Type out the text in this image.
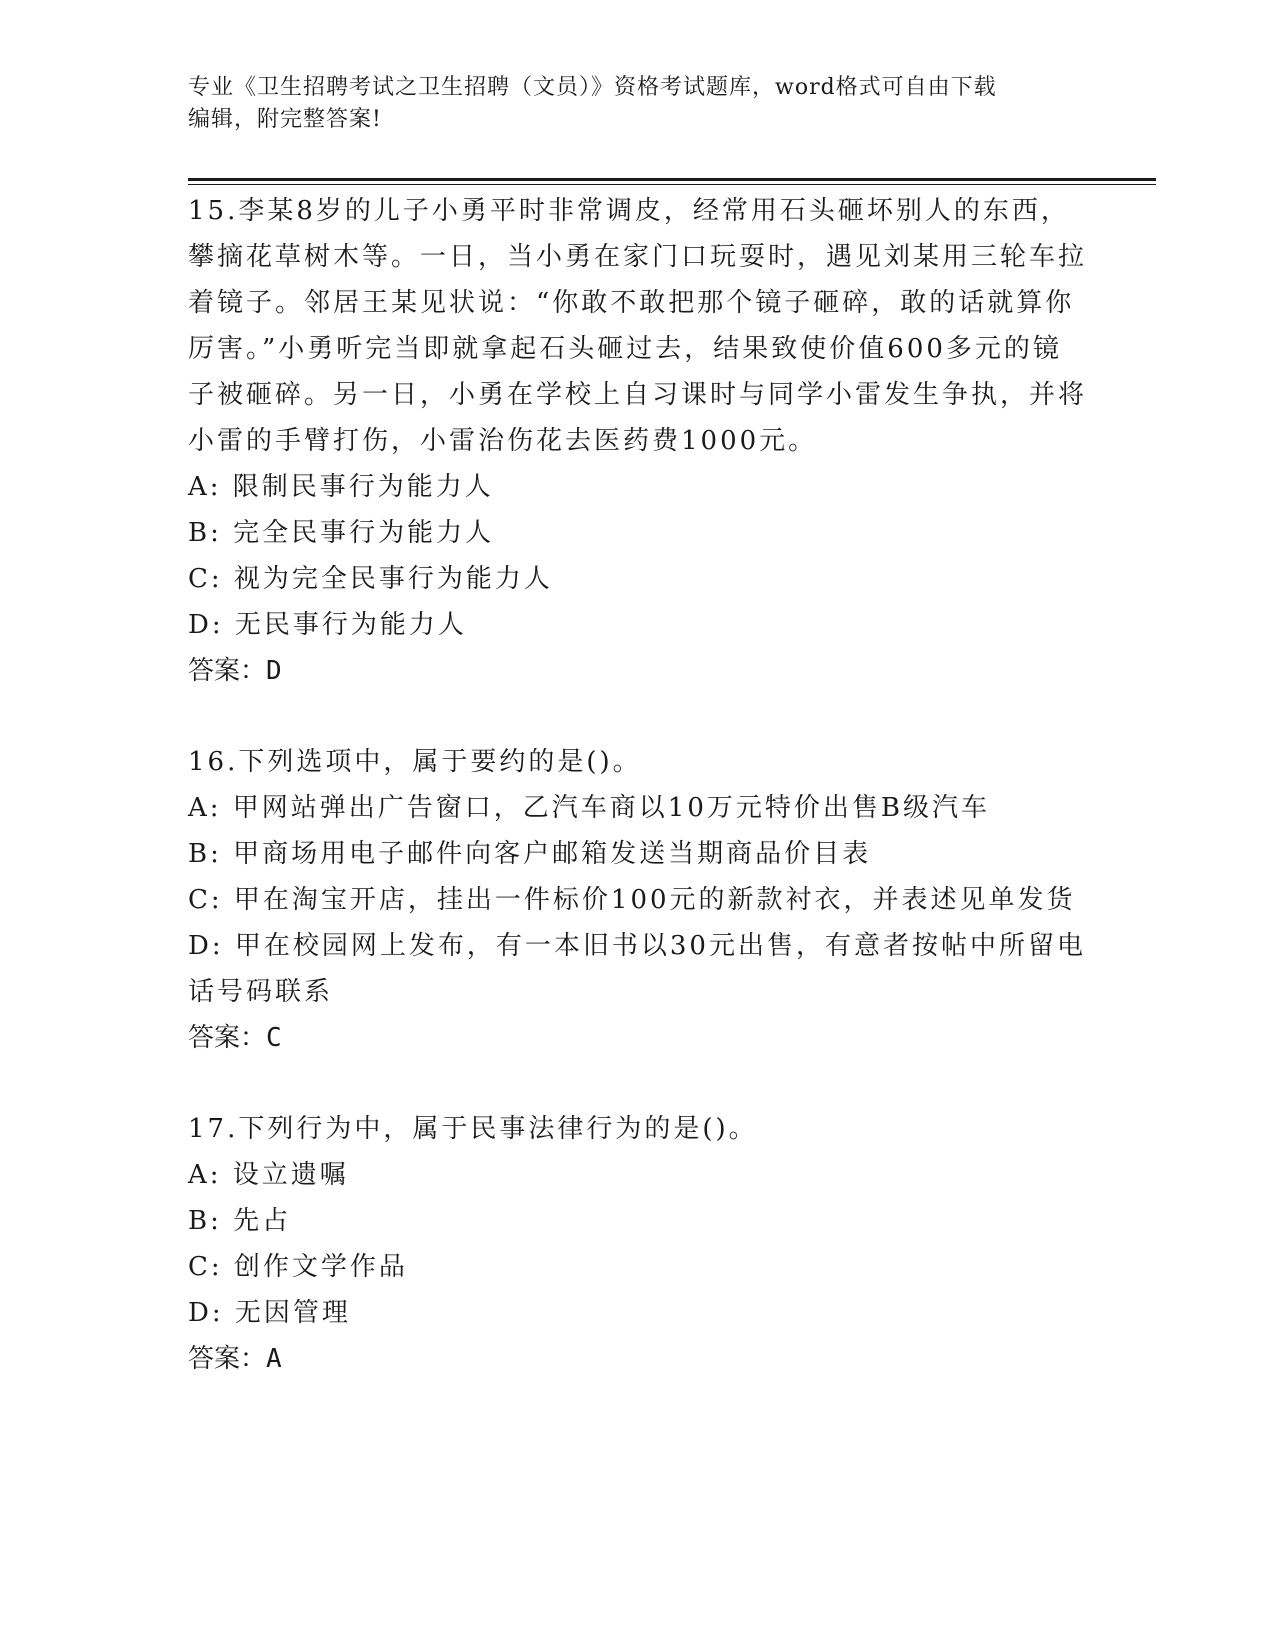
专业《卫生招聘考试之卫生招聘（文员）》资格考试题库，word格式可自由下载
编辑，附完整答案!

15.李某8岁的儿子小勇平时非常调皮，经常用石头砸坏别人的东西，攀摘花草树木等。一日，当小勇在家门口玩耍时，遇见刘某用三轮车拉着镜子。邻居王某见状说：“你敢不敢把那个镜子砸碎，敢的话就算你厉害。”小勇听完当即就拿起石头砸过去，结果致使价值600多元的镜子被砸碎。另一日，小勇在学校上自习课时与同学小雷发生争执，并将小雷的手臂打伤，小雷治伤花去医药费1000元。

A: 限制民事行为能力人

B: 完全民事行为能力人

C: 视为完全民事行为能力人

D: 无民事行为能力人

答案：D

16.下列选项中，属于要约的是()。

A: 甲网站弹出广告窗口，乙汽车商以10万元特价出售B级汽车

B: 甲商场用电子邮件向客户邮箱发送当期商品价目表

C: 甲在淘宝开店，挂出一件标价100元的新款衬衣，并表述见单发货

D: 甲在校园网上发布，有一本旧书以30元出售，有意者按帖中所留电话号码联系

答案：C

17.下列行为中，属于民事法律行为的是()。

A: 设立遗嘱

B: 先占

C: 创作文学作品

D: 无因管理

答案：A
